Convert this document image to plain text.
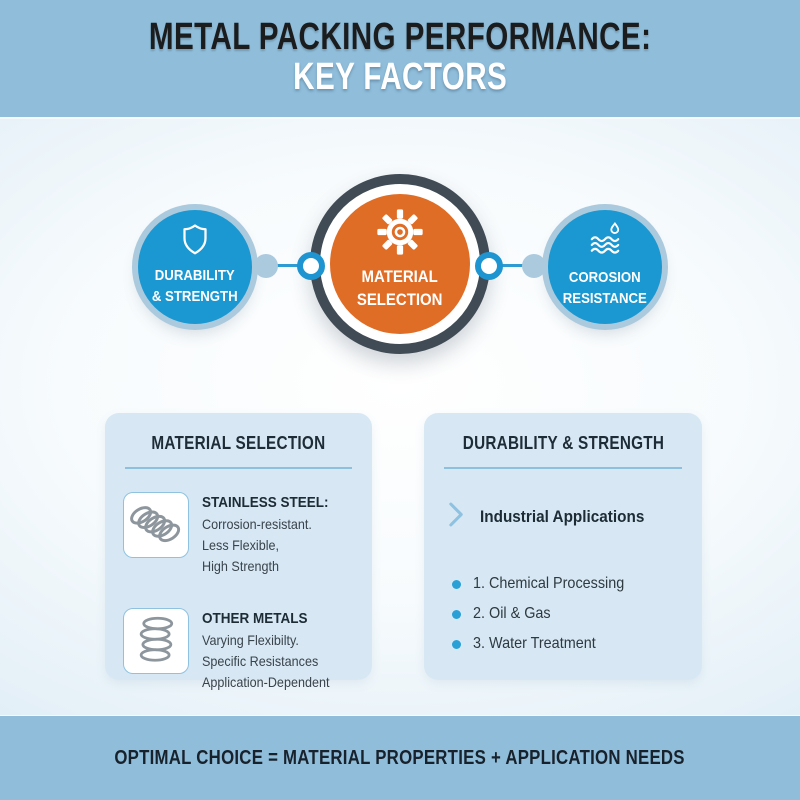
METAL PACKING PERFORMANCE:
KEY FACTORS
DURABILITY
& STRENGTH
MATERIAL
SELECTION
COROSION
RESISTANCE
MATERIAL SELECTION
STAINLESS STEEL:
Corrosion-resistant.
Less Flexible,
High Strength
OTHER METALS
Varying Flexibilty.
Specific Resistances
Application-Dependent
DURABILITY & STRENGTH
Industrial Applications
1. Chemical Processing
2. Oil & Gas
3. Water Treatment
OPTIMAL CHOICE = MATERIAL PROPERTIES + APPLICATION NEEDS
